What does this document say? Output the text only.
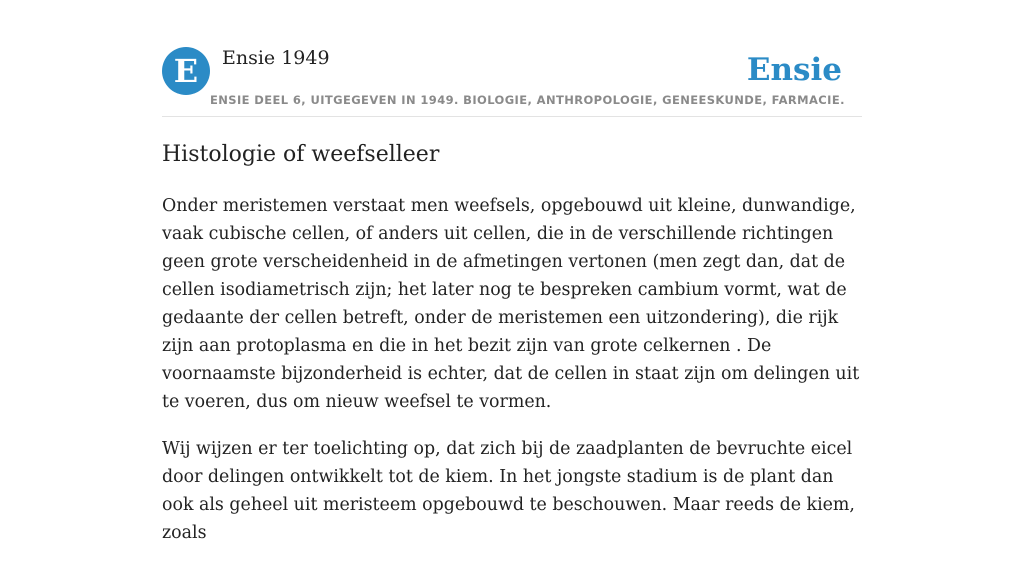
E	Ensie 1949	Ensie
ENSIE DEEL 6, UITGEGEVEN IN 1949. BIOLOGIE, ANTHROPOLOGIE, GENEESKUNDE, FARMACIE.
Histologie of weefselleer

Onder meristemen verstaat men weefsels, opgebouwd uit kleine, dunwandige, vaak cubische cellen, of anders uit cellen, die in de verschillende richtingen geen grote verscheidenheid in de afmetingen vertonen (men zegt dan, dat de cellen isodiametrisch zijn; het later nog te bespreken cambium vormt, wat de gedaante der cellen betreft, onder de meristemen een uitzondering), die rijk zijn aan protoplasma en die in het bezit zijn van grote celkernen . De voornaamste bijzonderheid is echter, dat de cellen in staat zijn om delingen uit te voeren, dus om nieuw weefsel te vormen.

Wij wijzen er ter toelichting op, dat zich bij de zaadplanten de bevruchte eicel door delingen ontwikkelt tot de kiem. In het jongste stadium is de plant dan ook als geheel uit meristeem opgebouwd te beschouwen. Maar reeds de kiem, zoals
